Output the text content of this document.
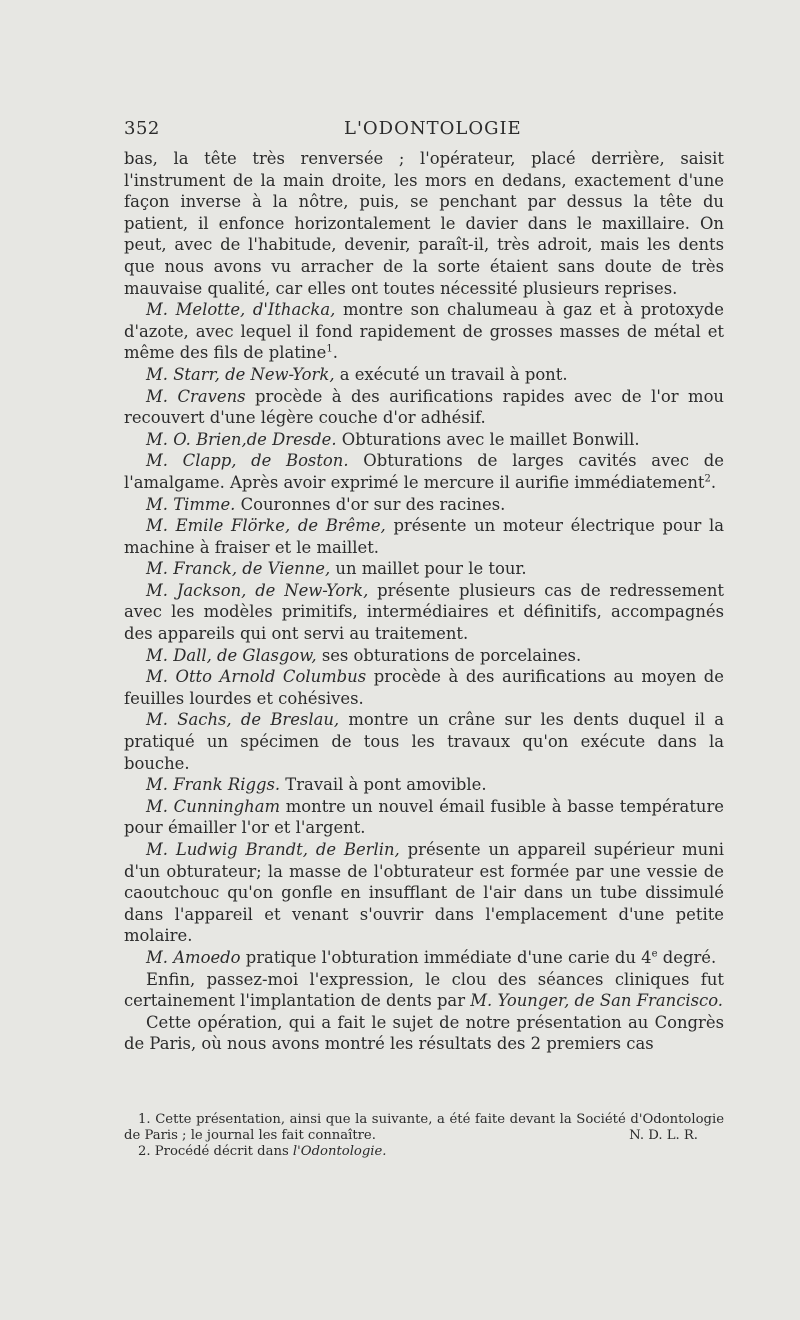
352	L'ODONTOLOGIE

bas, la tête très renversée ; l'opérateur, placé derrière, saisit l'instrument de la main droite, les mors en dedans, exactement d'une façon inverse à la nôtre, puis, se penchant par dessus la tête du patient, il enfonce horizontalement le davier dans le maxillaire. On peut, avec de l'habitude, devenir, paraît-il, très adroit, mais les dents que nous avons vu arracher de la sorte étaient sans doute de très mauvaise qualité, car elles ont toutes nécessité plusieurs reprises.

M. Melotte, d'Ithacka, montre son chalumeau à gaz et à protoxyde d'azote, avec lequel il fond rapidement de grosses masses de métal et même des fils de platine$^1$.

M. Starr, de New-York, a exécuté un travail à pont.

M. Cravens procède à des aurifications rapides avec de l'or mou recouvert d'une légère couche d'or adhésif.

M. O. Brien,de Dresde. Obturations avec le maillet Bonwill.

M. Clapp, de Boston. Obturations de larges cavités avec de l'amalgame. Après avoir exprimé le mercure il aurifie immédiatement$^2$.

M. Timme. Couronnes d'or sur des racines.

M. Emile Flörke, de Brême, présente un moteur électrique pour la machine à fraiser et le maillet.

M. Franck, de Vienne, un maillet pour le tour.

M. Jackson, de New-York, présente plusieurs cas de redressement avec les modèles primitifs, intermédiaires et définitifs, accompagnés des appareils qui ont servi au traitement.

M. Dall, de Glasgow, ses obturations de porcelaines.

M. Otto Arnold Columbus procède à des aurifications au moyen de feuilles lourdes et cohésives.

M. Sachs, de Breslau, montre un crâne sur les dents duquel il a pratiqué un spécimen de tous les travaux qu'on exécute dans la bouche.

M. Frank Riggs. Travail à pont amovible.

M. Cunningham montre un nouvel émail fusible à basse température pour émailler l'or et l'argent.

M. Ludwig Brandt, de Berlin, présente un appareil supérieur muni d'un obturateur; la masse de l'obturateur est formée par une vessie de caoutchouc qu'on gonfle en insufflant de l'air dans un tube dissimulé dans l'appareil et venant s'ouvrir dans l'emplacement d'une petite molaire.

M. Amoedo pratique l'obturation immédiate d'une carie du 4e degré.

Enfin, passez-moi l'expression, le clou des séances cliniques fut certainement l'implantation de dents par M. Younger, de San Francisco.

Cette opération, qui a fait le sujet de notre présentation au Congrès de Paris, où nous avons montré les résultats des 2 premiers cas

1. Cette présentation, ainsi que la suivante, a été faite devant la Société d'Odontologie de Paris ; le journal les fait connaître.	N. D. L. R.

2. Procédé décrit dans l'Odontologie.
